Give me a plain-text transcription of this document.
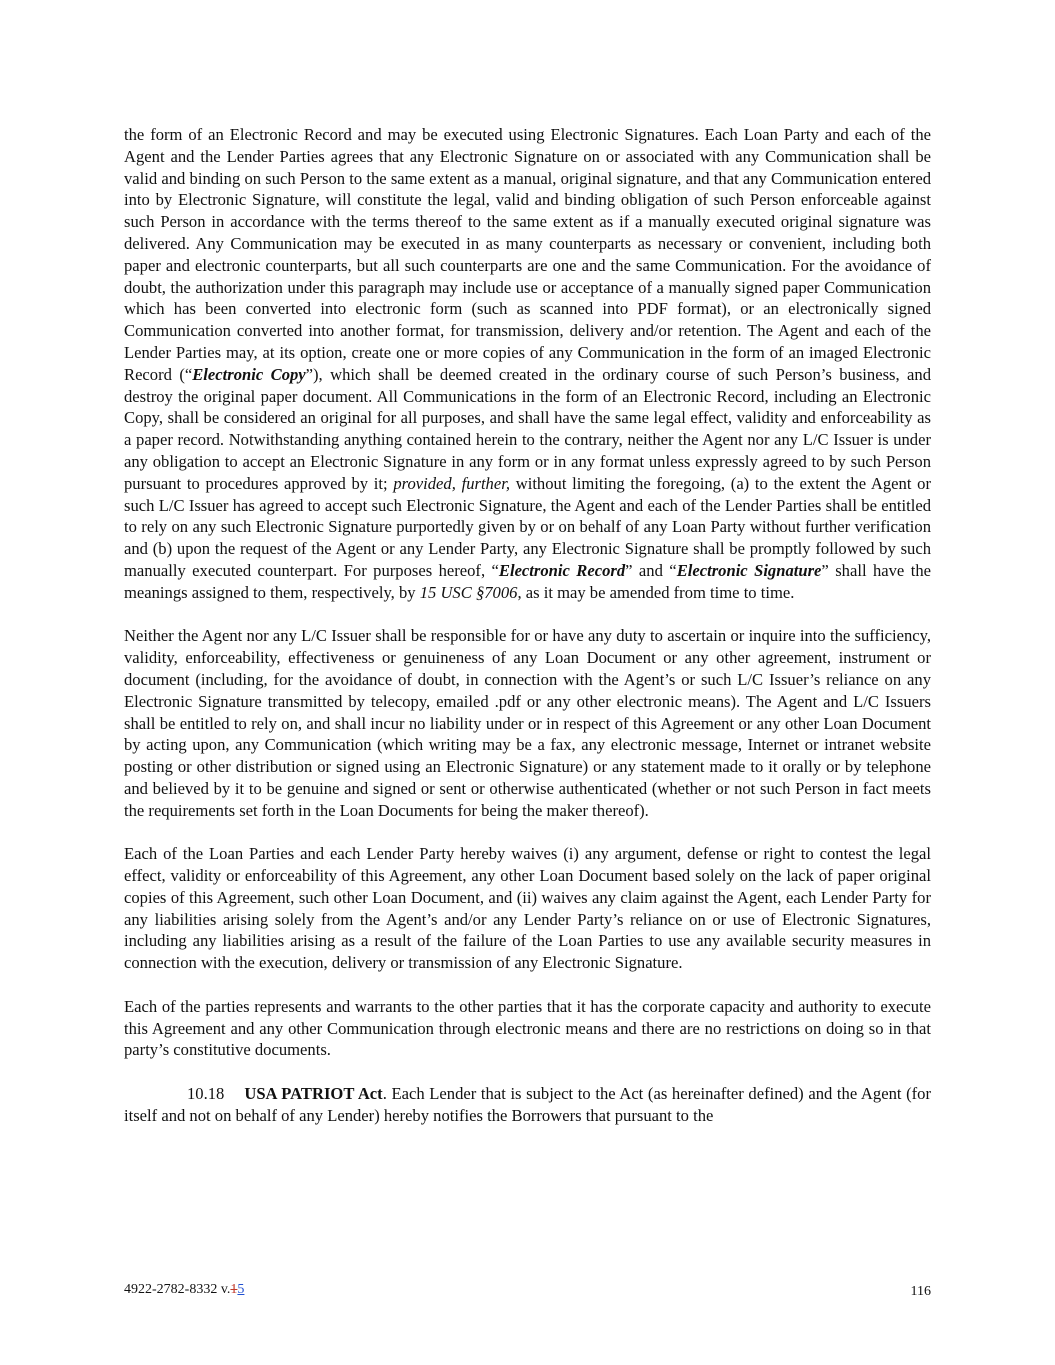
the form of an Electronic Record and may be executed using Electronic Signatures. Each Loan Party and each of the Agent and the Lender Parties agrees that any Electronic Signature on or associated with any Communication shall be valid and binding on such Person to the same extent as a manual, original signature, and that any Communication entered into by Electronic Signature, will constitute the legal, valid and binding obligation of such Person enforceable against such Person in accordance with the terms thereof to the same extent as if a manually executed original signature was delivered. Any Communication may be executed in as many counterparts as necessary or convenient, including both paper and electronic counterparts, but all such counterparts are one and the same Communication. For the avoidance of doubt, the authorization under this paragraph may include use or acceptance of a manually signed paper Communication which has been converted into electronic form (such as scanned into PDF format), or an electronically signed Communication converted into another format, for transmission, delivery and/or retention. The Agent and each of the Lender Parties may, at its option, create one or more copies of any Communication in the form of an imaged Electronic Record (“Electronic Copy”), which shall be deemed created in the ordinary course of such Person’s business, and destroy the original paper document. All Communications in the form of an Electronic Record, including an Electronic Copy, shall be considered an original for all purposes, and shall have the same legal effect, validity and enforceability as a paper record. Notwithstanding anything contained herein to the contrary, neither the Agent nor any L/C Issuer is under any obligation to accept an Electronic Signature in any form or in any format unless expressly agreed to by such Person pursuant to procedures approved by it; provided, further, without limiting the foregoing, (a) to the extent the Agent or such L/C Issuer has agreed to accept such Electronic Signature, the Agent and each of the Lender Parties shall be entitled to rely on any such Electronic Signature purportedly given by or on behalf of any Loan Party without further verification and (b) upon the request of the Agent or any Lender Party, any Electronic Signature shall be promptly followed by such manually executed counterpart. For purposes hereof, “Electronic Record” and “Electronic Signature” shall have the meanings assigned to them, respectively, by 15 USC §7006, as it may be amended from time to time.

Neither the Agent nor any L/C Issuer shall be responsible for or have any duty to ascertain or inquire into the sufficiency, validity, enforceability, effectiveness or genuineness of any Loan Document or any other agreement, instrument or document (including, for the avoidance of doubt, in connection with the Agent’s or such L/C Issuer’s reliance on any Electronic Signature transmitted by telecopy, emailed .pdf or any other electronic means). The Agent and L/C Issuers shall be entitled to rely on, and shall incur no liability under or in respect of this Agreement or any other Loan Document by acting upon, any Communication (which writing may be a fax, any electronic message, Internet or intranet website posting or other distribution or signed using an Electronic Signature) or any statement made to it orally or by telephone and believed by it to be genuine and signed or sent or otherwise authenticated (whether or not such Person in fact meets the requirements set forth in the Loan Documents for being the maker thereof).

Each of the Loan Parties and each Lender Party hereby waives (i) any argument, defense or right to contest the legal effect, validity or enforceability of this Agreement, any other Loan Document based solely on the lack of paper original copies of this Agreement, such other Loan Document, and (ii) waives any claim against the Agent, each Lender Party for any liabilities arising solely from the Agent’s and/or any Lender Party’s reliance on or use of Electronic Signatures, including any liabilities arising as a result of the failure of the Loan Parties to use any available security measures in connection with the execution, delivery or transmission of any Electronic Signature.

Each of the parties represents and warrants to the other parties that it has the corporate capacity and authority to execute this Agreement and any other Communication through electronic means and there are no restrictions on doing so in that party’s constitutive documents.

10.18 USA PATRIOT Act. Each Lender that is subject to the Act (as hereinafter defined) and the Agent (for itself and not on behalf of any Lender) hereby notifies the Borrowers that pursuant to the

4922-2782-8332 v.15	116
